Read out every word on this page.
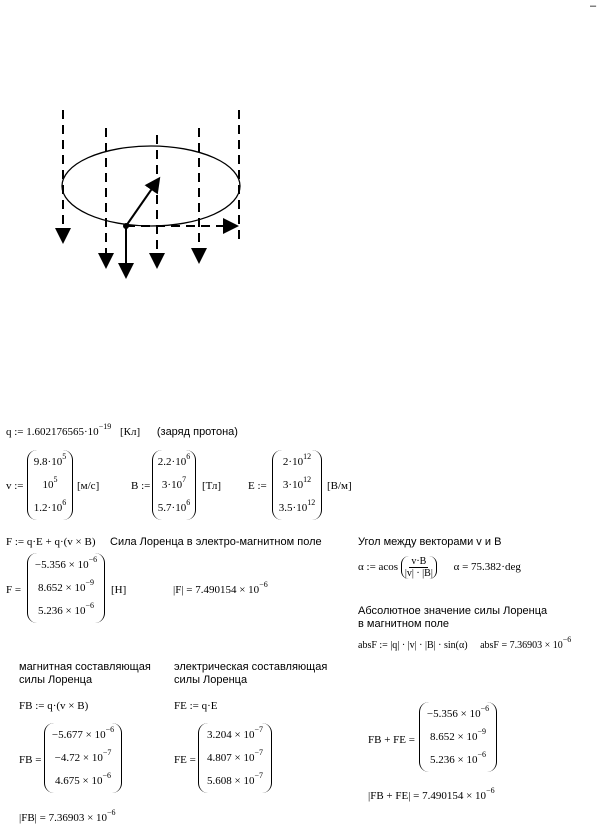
–
q := $1.602176565\cdot 10^{-19}$ [Кл] (заряд протона)
v :=
$9.8\cdot 10^5$
$10^5$
$1.2\cdot 10^6$
[м/с]	B :=
$2.2\cdot 10^6$
$3\cdot 10^7$
$5.7\cdot 10^6$
[Тл] E :=
$2\cdot 10^{12}$
$3\cdot 10^{12}$
$3.5\cdot 10^{12}$
[В/м]
F := q·E + q·(v × B) Сила Лоренца в электро-магнитном поле
F =
$-5.356 \times 10^{-6}$
$8.652 \times 10^{-9}$
$5.236 \times 10^{-6}$
[Н]	$|F| = 7.490154 \times 10^{-6}$
Угол между векторами v и B
α := acos $\frac{v\cdot B}{|v| \cdot |B|}$ α = 75.382·deg
Абсолютное значение силы Лоренца
в магнитном поле
absF := |q| · |v| · |B| · sin(α) absF = $7.36903 \times 10^{-6}$
магнитная составляющая
силы Лоренца
FB := q·(v × B)
FB =
$-5.677 \times 10^{-6}$
$-4.72 \times 10^{-7}$
$4.675 \times 10^{-6}$
$|FB| = 7.36903 \times 10^{-6}$
электрическая составляющая
силы Лоренца
FE := q·E
FE =
$3.204 \times 10^{-7}$
$4.807 \times 10^{-7}$
$5.608 \times 10^{-7}$
FB + FE =
$-5.356 \times 10^{-6}$
$8.652 \times 10^{-9}$
$5.236 \times 10^{-6}$
$|FB + FE| = 7.490154 \times 10^{-6}$
